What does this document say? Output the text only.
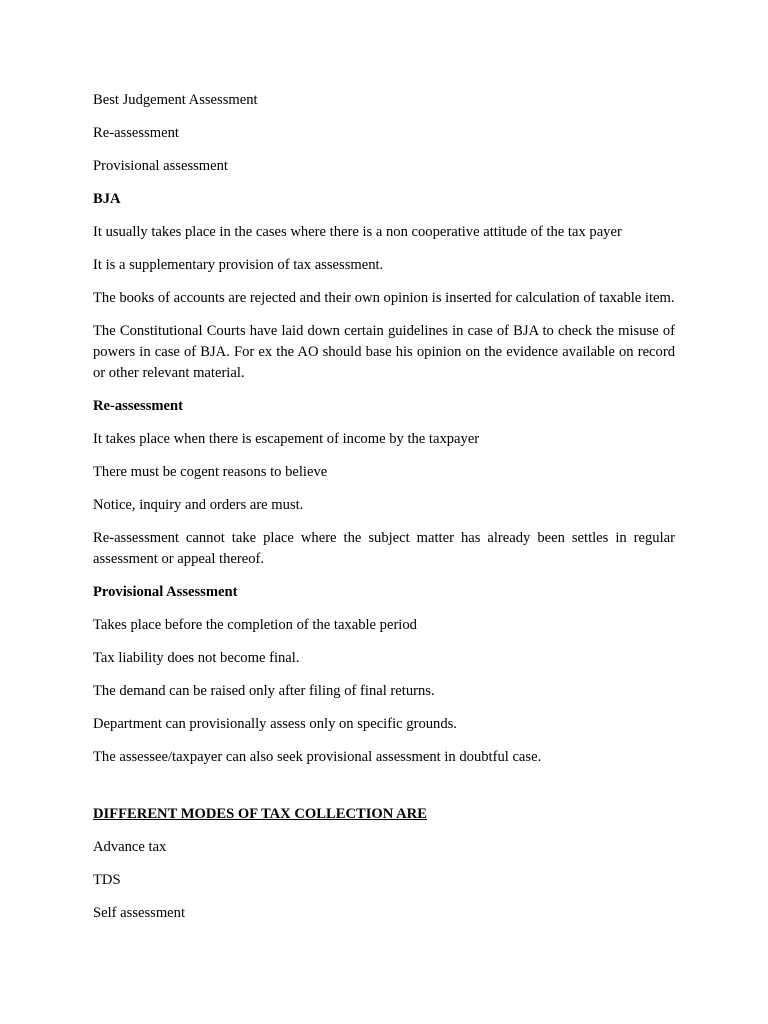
Best Judgement Assessment

Re-assessment

Provisional assessment

BJA

It usually takes place in the cases where there is a non cooperative attitude of the tax payer

It is a supplementary provision of tax assessment.

The books of accounts are rejected and their own opinion is inserted for calculation of taxable item.

The Constitutional Courts have laid down certain guidelines in case of BJA to check the misuse of powers in case of BJA. For ex the AO should base his opinion on the evidence available on record or other relevant material.

Re-assessment

It takes place when there is escapement of income by the taxpayer

There must be cogent reasons to believe

Notice, inquiry and orders are must.

Re-assessment cannot take place where the subject matter has already been settles in regular assessment or appeal thereof.

Provisional Assessment

Takes place before the completion of the taxable period

Tax liability does not become final.

The demand can be raised only after filing of final returns.

Department can provisionally assess only on specific grounds.

The assessee/taxpayer can also seek provisional assessment in doubtful case.

DIFFERENT MODES OF TAX COLLECTION ARE

Advance tax

TDS

Self assessment
